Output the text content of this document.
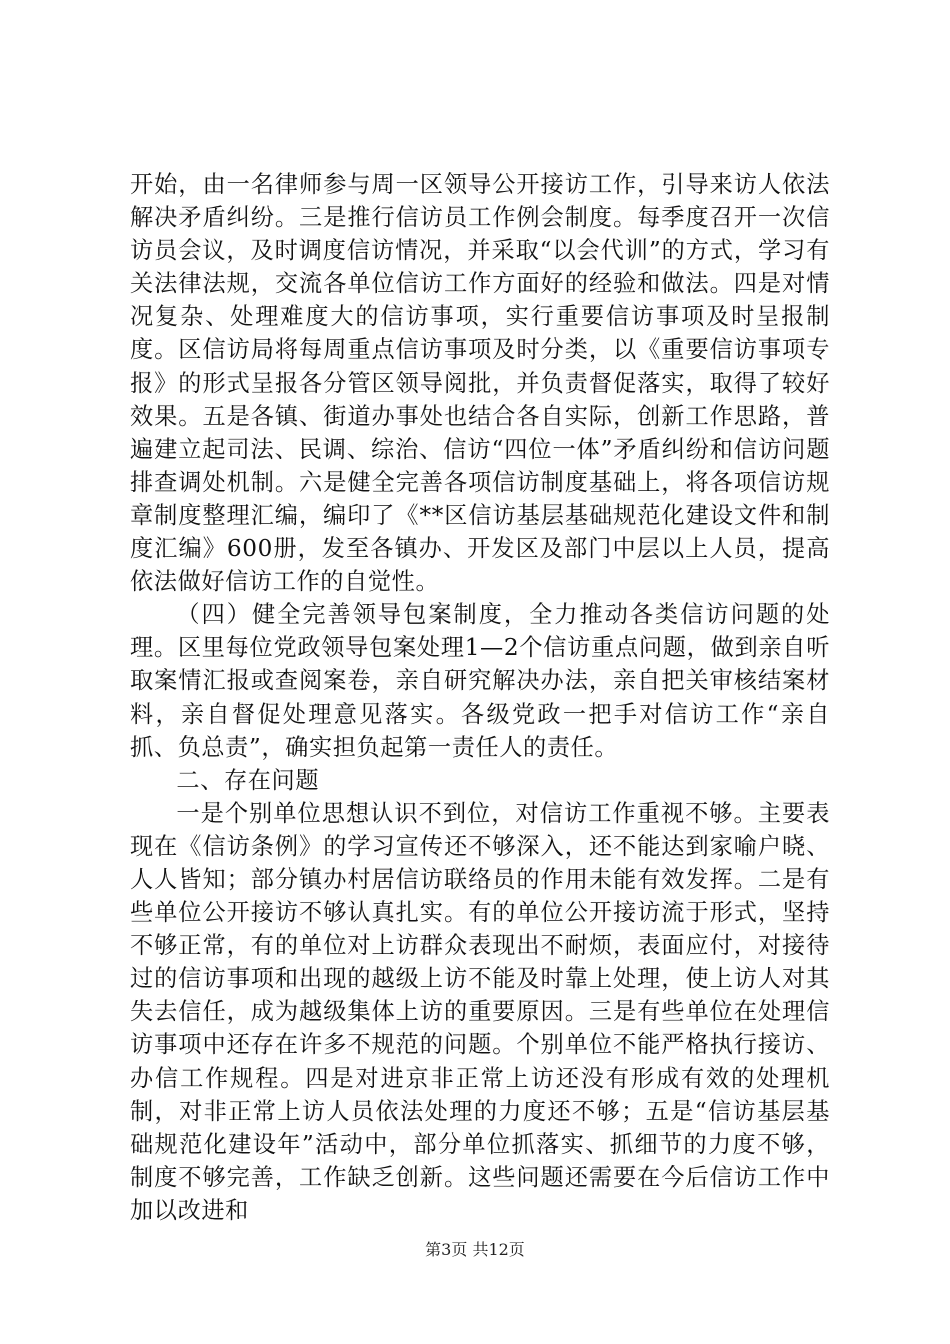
开始，由一名律师参与周一区领导公开接访工作，引导来访人依法解决矛盾纠纷。三是推行信访员工作例会制度。每季度召开一次信访员会议，及时调度信访情况，并采取“以会代训”的方式，学习有关法律法规，交流各单位信访工作方面好的经验和做法。四是对情况复杂、处理难度大的信访事项，实行重要信访事项及时呈报制度。区信访局将每周重点信访事项及时分类，以《重要信访事项专报》的形式呈报各分管区领导阅批，并负责督促落实，取得了较好效果。五是各镇、街道办事处也结合各自实际，创新工作思路，普遍建立起司法、民调、综治、信访“四位一体”矛盾纠纷和信访问题排查调处机制。六是健全完善各项信访制度基础上，将各项信访规章制度整理汇编，编印了《**区信访基层基础规范化建设文件和制度汇编》600册，发至各镇办、开发区及部门中层以上人员，提高依法做好信访工作的自觉性。

（四）健全完善领导包案制度，全力推动各类信访问题的处理。区里每位党政领导包案处理1—2个信访重点问题，做到亲自听取案情汇报或查阅案卷，亲自研究解决办法，亲自把关审核结案材料，亲自督促处理意见落实。各级党政一把手对信访工作“亲自抓、负总责”，确实担负起第一责任人的责任。

二、存在问题

一是个别单位思想认识不到位，对信访工作重视不够。主要表现在《信访条例》的学习宣传还不够深入，还不能达到家喻户晓、人人皆知；部分镇办村居信访联络员的作用未能有效发挥。二是有些单位公开接访不够认真扎实。有的单位公开接访流于形式，坚持不够正常，有的单位对上访群众表现出不耐烦，表面应付，对接待过的信访事项和出现的越级上访不能及时靠上处理，使上访人对其失去信任，成为越级集体上访的重要原因。三是有些单位在处理信访事项中还存在许多不规范的问题。个别单位不能严格执行接访、办信工作规程。四是对进京非正常上访还没有形成有效的处理机制，对非正常上访人员依法处理的力度还不够；五是“信访基层基础规范化建设年”活动中，部分单位抓落实、抓细节的力度不够，制度不够完善，工作缺乏创新。这些问题还需要在今后信访工作中加以改进和

第3页 共12页
